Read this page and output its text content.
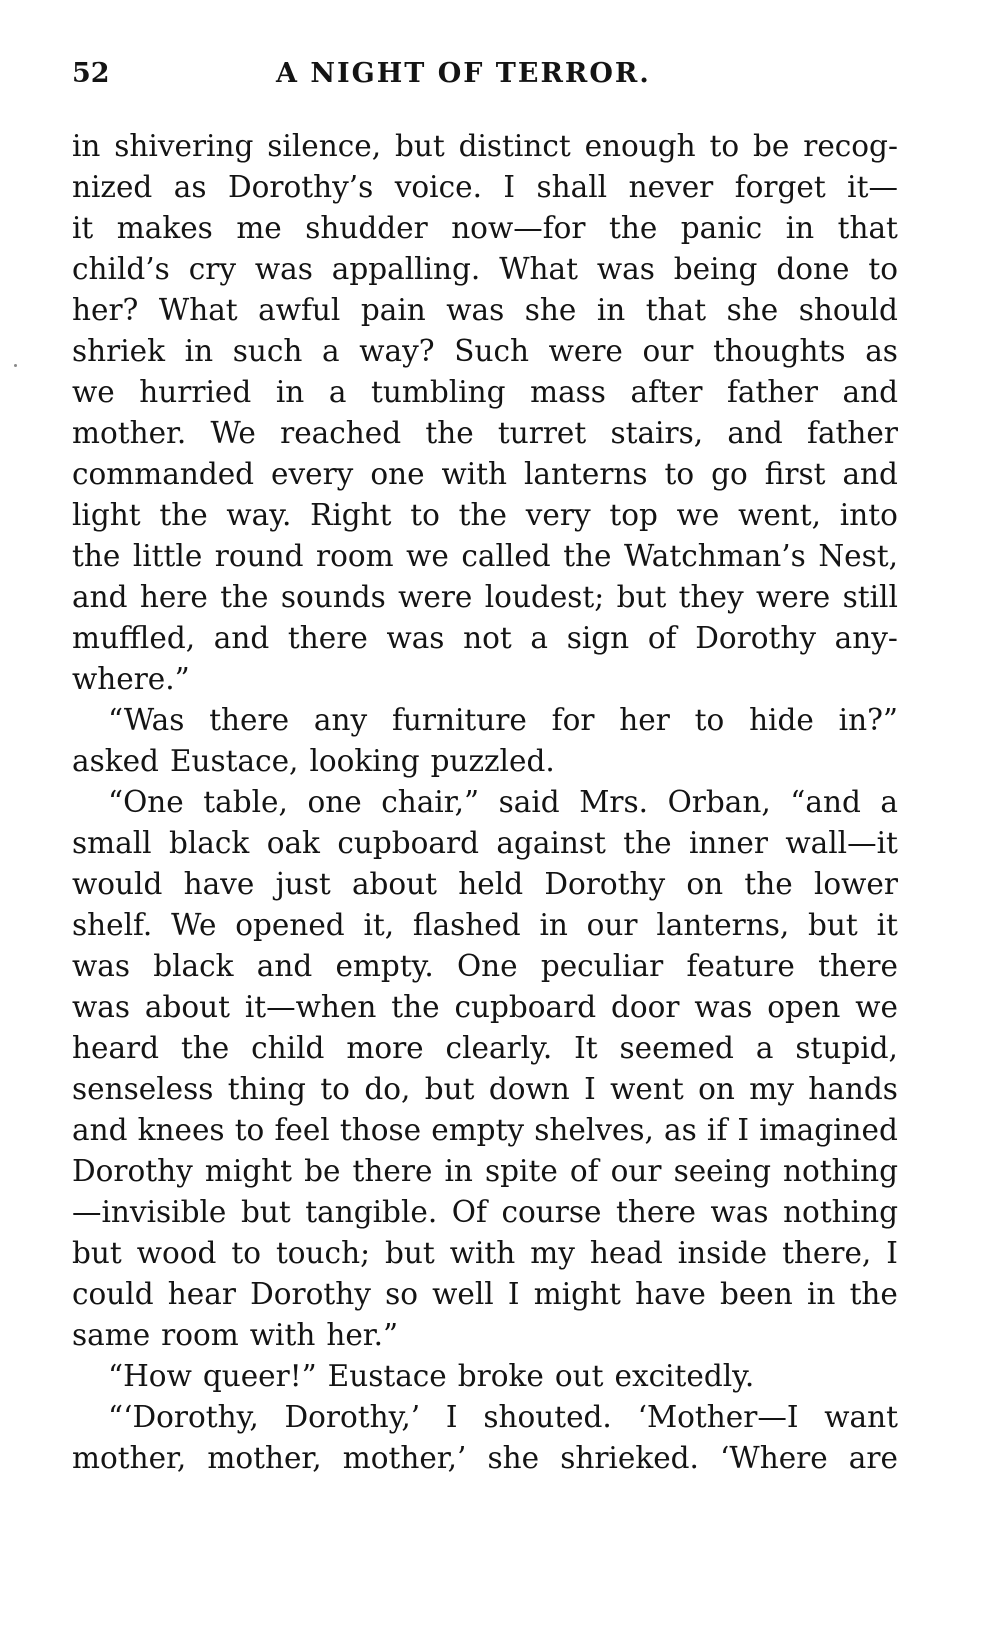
52	A NIGHT OF TERROR.
in shivering silence, but distinct enough to be recog-
nized as Dorothy’s voice. I shall never forget it—
it makes me shudder now—for the panic in that
child’s cry was appalling. What was being done to
her? What awful pain was she in that she should
shriek in such a way? Such were our thoughts as
we hurried in a tumbling mass after father and
mother. We reached the turret stairs, and father
commanded every one with lanterns to go first and
light the way. Right to the very top we went, into
the little round room we called the Watchman’s Nest,
and here the sounds were loudest; but they were still
muffled, and there was not a sign of Dorothy any-
where.”
“Was there any furniture for her to hide in?”
asked Eustace, looking puzzled.
“One table, one chair,” said Mrs. Orban, “and a
small black oak cupboard against the inner wall—it
would have just about held Dorothy on the lower
shelf. We opened it, flashed in our lanterns, but it
was black and empty. One peculiar feature there
was about it—when the cupboard door was open we
heard the child more clearly. It seemed a stupid,
senseless thing to do, but down I went on my hands
and knees to feel those empty shelves, as if I imagined
Dorothy might be there in spite of our seeing nothing
—invisible but tangible. Of course there was nothing
but wood to touch; but with my head inside there, I
could hear Dorothy so well I might have been in the
same room with her.”
“How queer!” Eustace broke out excitedly.
“‘Dorothy, Dorothy,’ I shouted. ‘Mother—I want
mother, mother, mother,’ she shrieked. ‘Where are
